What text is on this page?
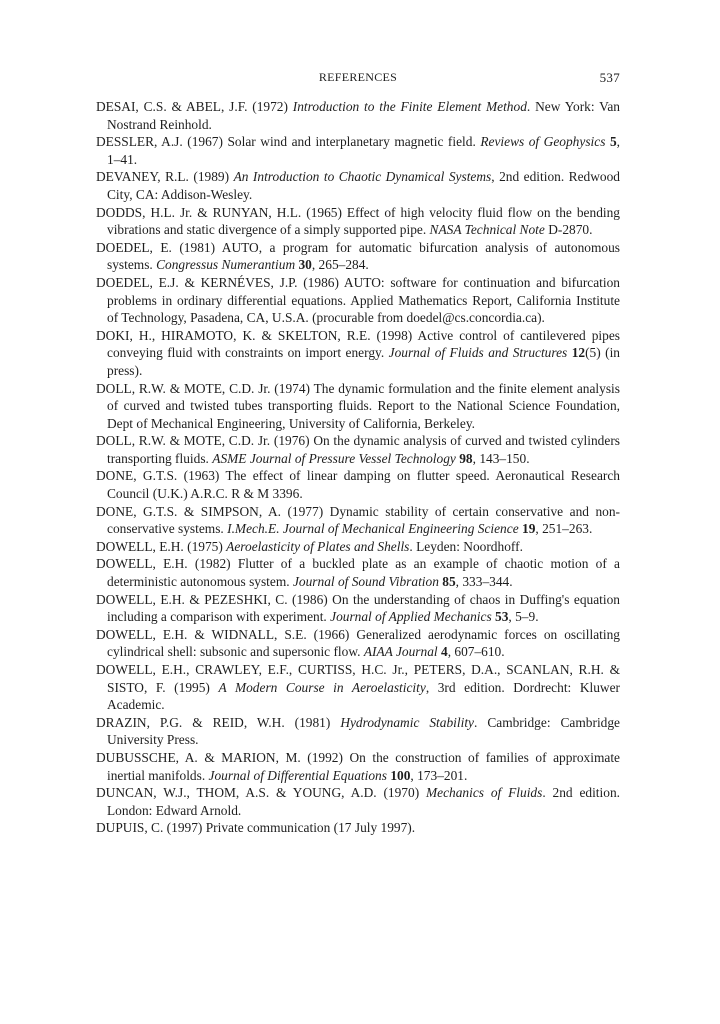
REFERENCES	537
DESAI, C.S. & ABEL, J.F. (1972) Introduction to the Finite Element Method. New York: Van Nostrand Reinhold.
DESSLER, A.J. (1967) Solar wind and interplanetary magnetic field. Reviews of Geophysics 5, 1–41.
DEVANEY, R.L. (1989) An Introduction to Chaotic Dynamical Systems, 2nd edition. Redwood City, CA: Addison-Wesley.
DODDS, H.L. Jr. & RUNYAN, H.L. (1965) Effect of high velocity fluid flow on the bending vibrations and static divergence of a simply supported pipe. NASA Technical Note D-2870.
DOEDEL, E. (1981) AUTO, a program for automatic bifurcation analysis of autonomous systems. Congressus Numerantium 30, 265–284.
DOEDEL, E.J. & KERNÉVES, J.P. (1986) AUTO: software for continuation and bifurcation problems in ordinary differential equations. Applied Mathematics Report, California Institute of Technology, Pasadena, CA, U.S.A. (procurable from doedel@cs.concordia.ca).
DOKI, H., HIRAMOTO, K. & SKELTON, R.E. (1998) Active control of cantilevered pipes conveying fluid with constraints on import energy. Journal of Fluids and Structures 12(5) (in press).
DOLL, R.W. & MOTE, C.D. Jr. (1974) The dynamic formulation and the finite element analysis of curved and twisted tubes transporting fluids. Report to the National Science Foundation, Dept of Mechanical Engineering, University of California, Berkeley.
DOLL, R.W. & MOTE, C.D. Jr. (1976) On the dynamic analysis of curved and twisted cylinders transporting fluids. ASME Journal of Pressure Vessel Technology 98, 143–150.
DONE, G.T.S. (1963) The effect of linear damping on flutter speed. Aeronautical Research Council (U.K.) A.R.C. R & M 3396.
DONE, G.T.S. & SIMPSON, A. (1977) Dynamic stability of certain conservative and non-conservative systems. I.Mech.E. Journal of Mechanical Engineering Science 19, 251–263.
DOWELL, E.H. (1975) Aeroelasticity of Plates and Shells. Leyden: Noordhoff.
DOWELL, E.H. (1982) Flutter of a buckled plate as an example of chaotic motion of a deterministic autonomous system. Journal of Sound Vibration 85, 333–344.
DOWELL, E.H. & PEZESHKI, C. (1986) On the understanding of chaos in Duffing's equation including a comparison with experiment. Journal of Applied Mechanics 53, 5–9.
DOWELL, E.H. & WIDNALL, S.E. (1966) Generalized aerodynamic forces on oscillating cylindrical shell: subsonic and supersonic flow. AIAA Journal 4, 607–610.
DOWELL, E.H., CRAWLEY, E.F., CURTISS, H.C. Jr., PETERS, D.A., SCANLAN, R.H. & SISTO, F. (1995) A Modern Course in Aeroelasticity, 3rd edition. Dordrecht: Kluwer Academic.
DRAZIN, P.G. & REID, W.H. (1981) Hydrodynamic Stability. Cambridge: Cambridge University Press.
DUBUSSCHE, A. & MARION, M. (1992) On the construction of families of approximate inertial manifolds. Journal of Differential Equations 100, 173–201.
DUNCAN, W.J., THOM, A.S. & YOUNG, A.D. (1970) Mechanics of Fluids. 2nd edition. London: Edward Arnold.
DUPUIS, C. (1997) Private communication (17 July 1997).
